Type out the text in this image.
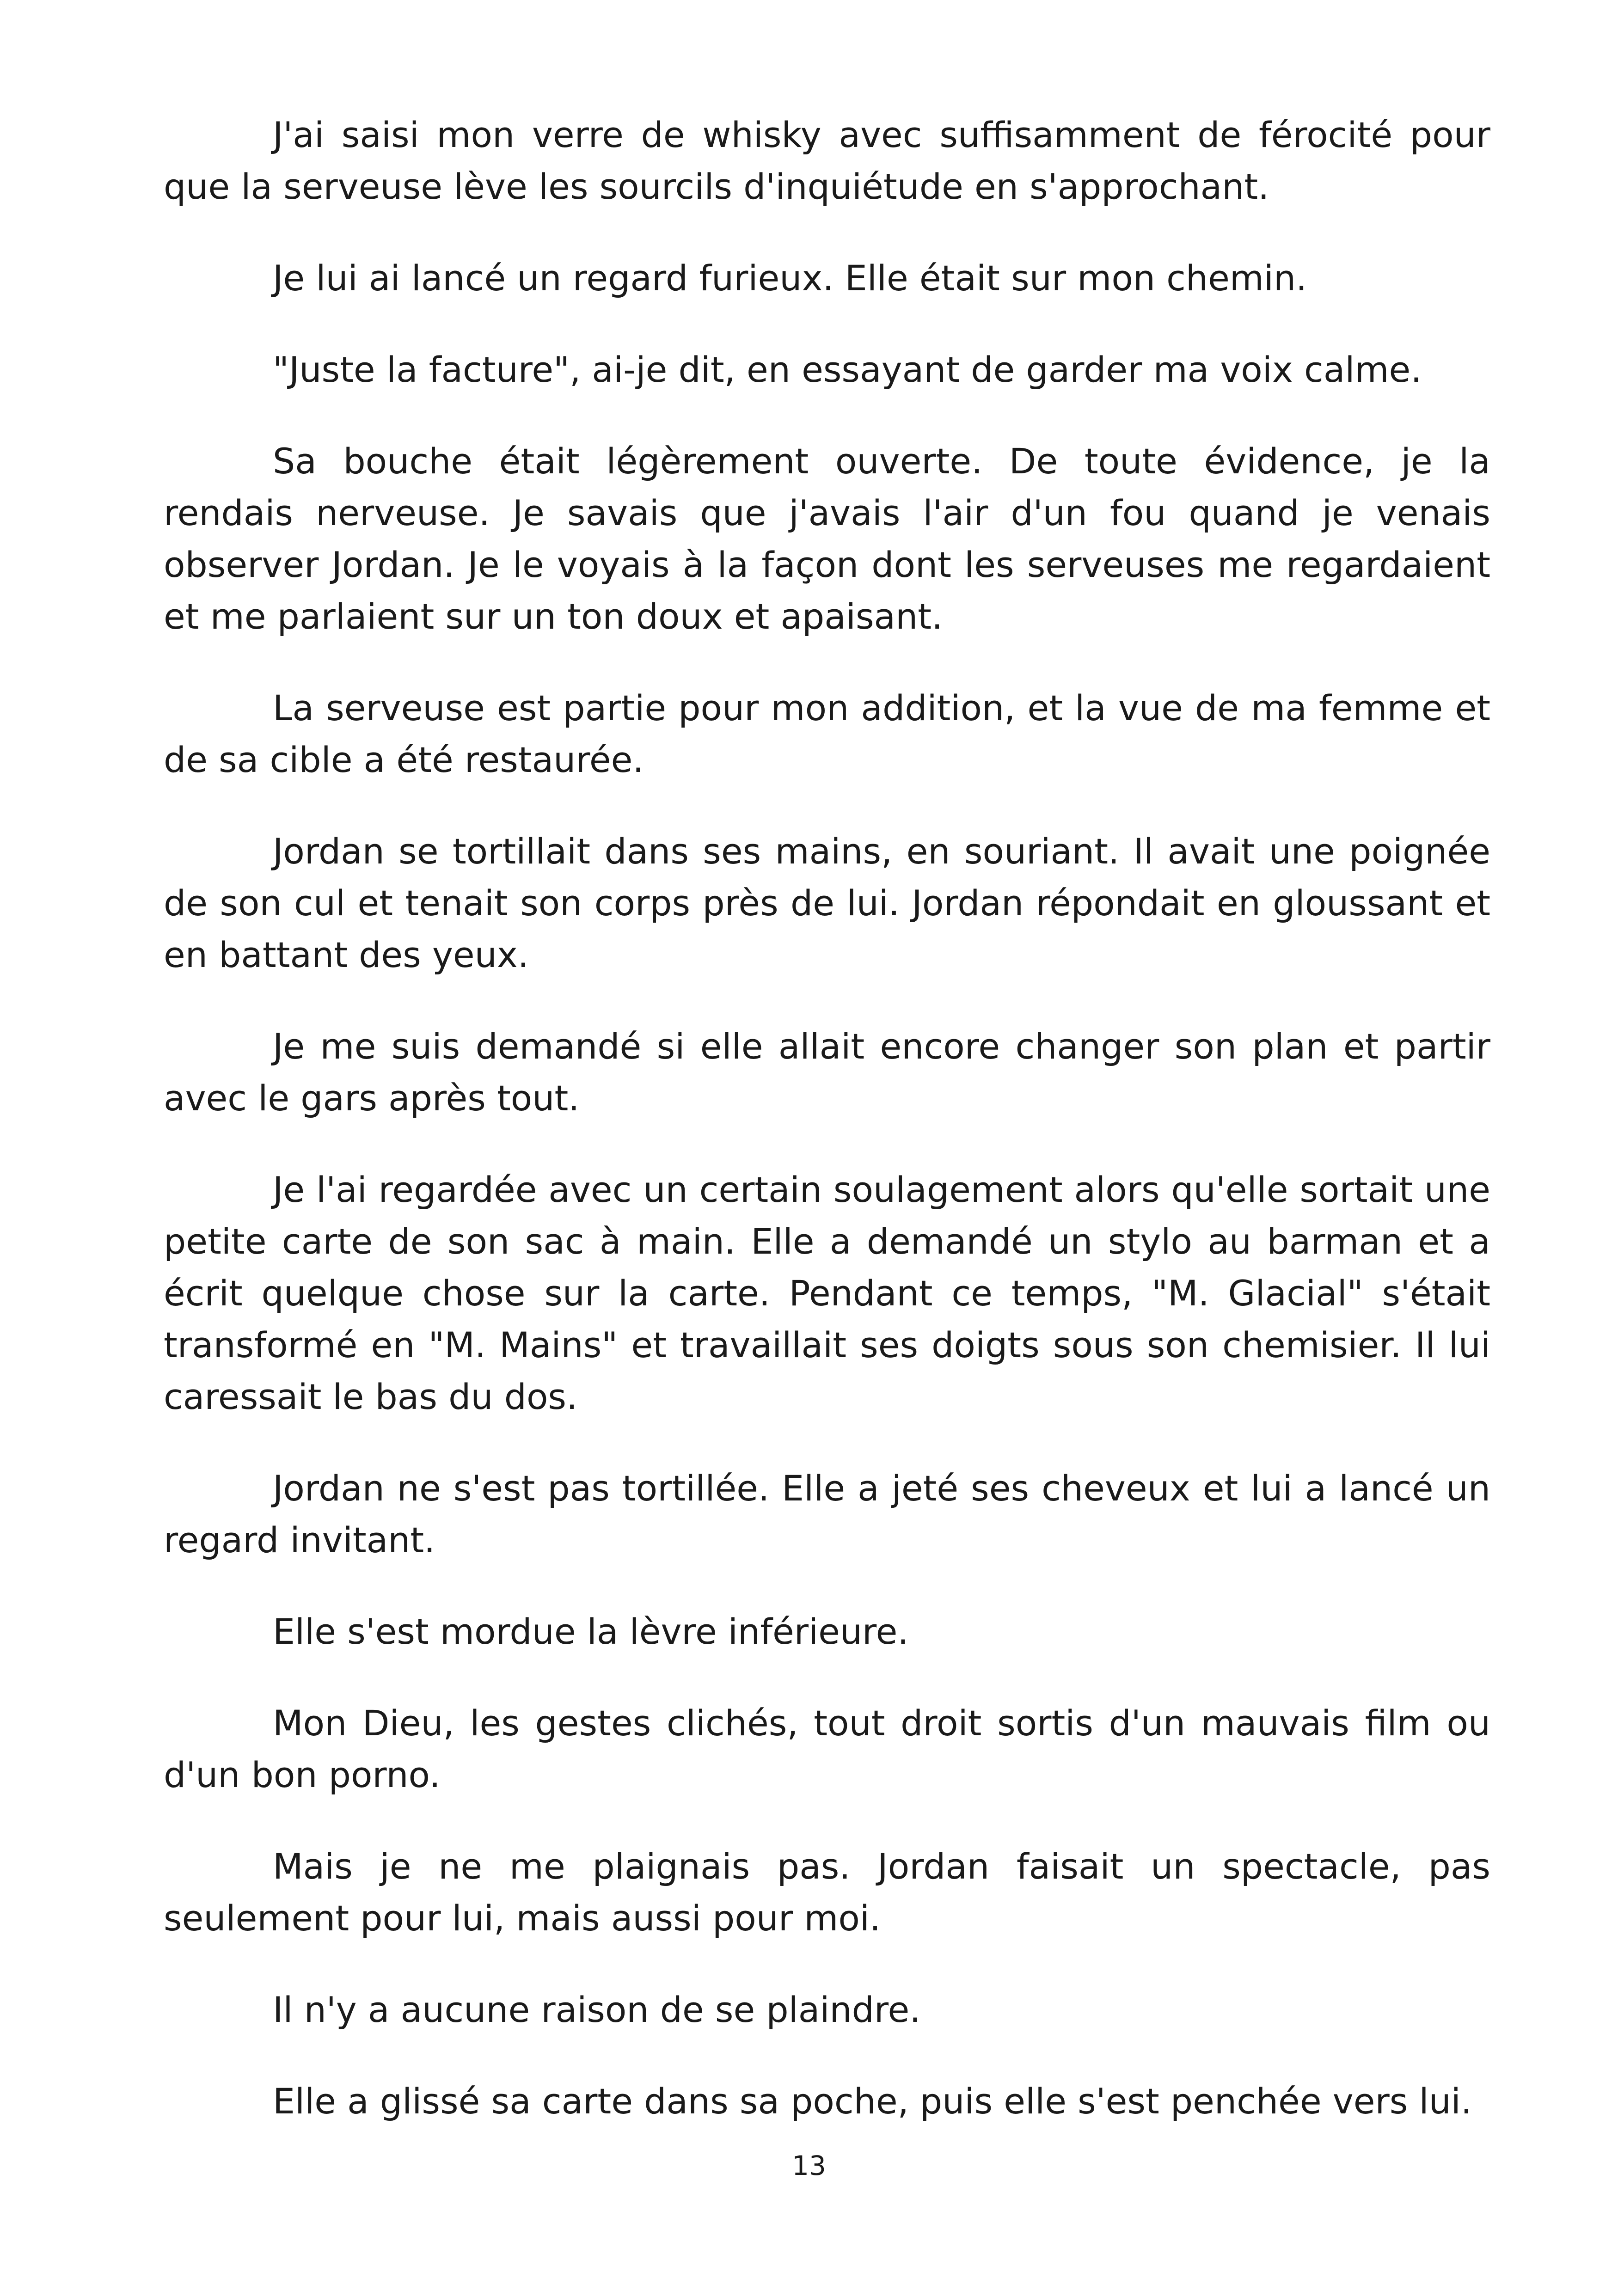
J'ai saisi mon verre de whisky avec suffisamment de férocité pour que la serveuse lève les sourcils d'inquiétude en s'approchant.

Je lui ai lancé un regard furieux. Elle était sur mon chemin.

"Juste la facture", ai-je dit, en essayant de garder ma voix calme.

Sa bouche était légèrement ouverte. De toute évidence, je la rendais nerveuse. Je savais que j'avais l'air d'un fou quand je venais observer Jordan. Je le voyais à la façon dont les serveuses me regardaient et me parlaient sur un ton doux et apaisant.

La serveuse est partie pour mon addition, et la vue de ma femme et de sa cible a été restaurée.

Jordan se tortillait dans ses mains, en souriant. Il avait une poignée de son cul et tenait son corps près de lui. Jordan répondait en gloussant et en battant des yeux.

Je me suis demandé si elle allait encore changer son plan et partir avec le gars après tout.

Je l'ai regardée avec un certain soulagement alors qu'elle sortait une petite carte de son sac à main. Elle a demandé un stylo au barman et a écrit quelque chose sur la carte. Pendant ce temps, "M. Glacial" s'était transformé en "M. Mains" et travaillait ses doigts sous son chemisier. Il lui caressait le bas du dos.

Jordan ne s'est pas tortillée. Elle a jeté ses cheveux et lui a lancé un regard invitant.

Elle s'est mordue la lèvre inférieure.

Mon Dieu, les gestes clichés, tout droit sortis d'un mauvais film ou d'un bon porno.

Mais je ne me plaignais pas. Jordan faisait un spectacle, pas seulement pour lui, mais aussi pour moi.

Il n'y a aucune raison de se plaindre.

Elle a glissé sa carte dans sa poche, puis elle s'est penchée vers lui.

13
